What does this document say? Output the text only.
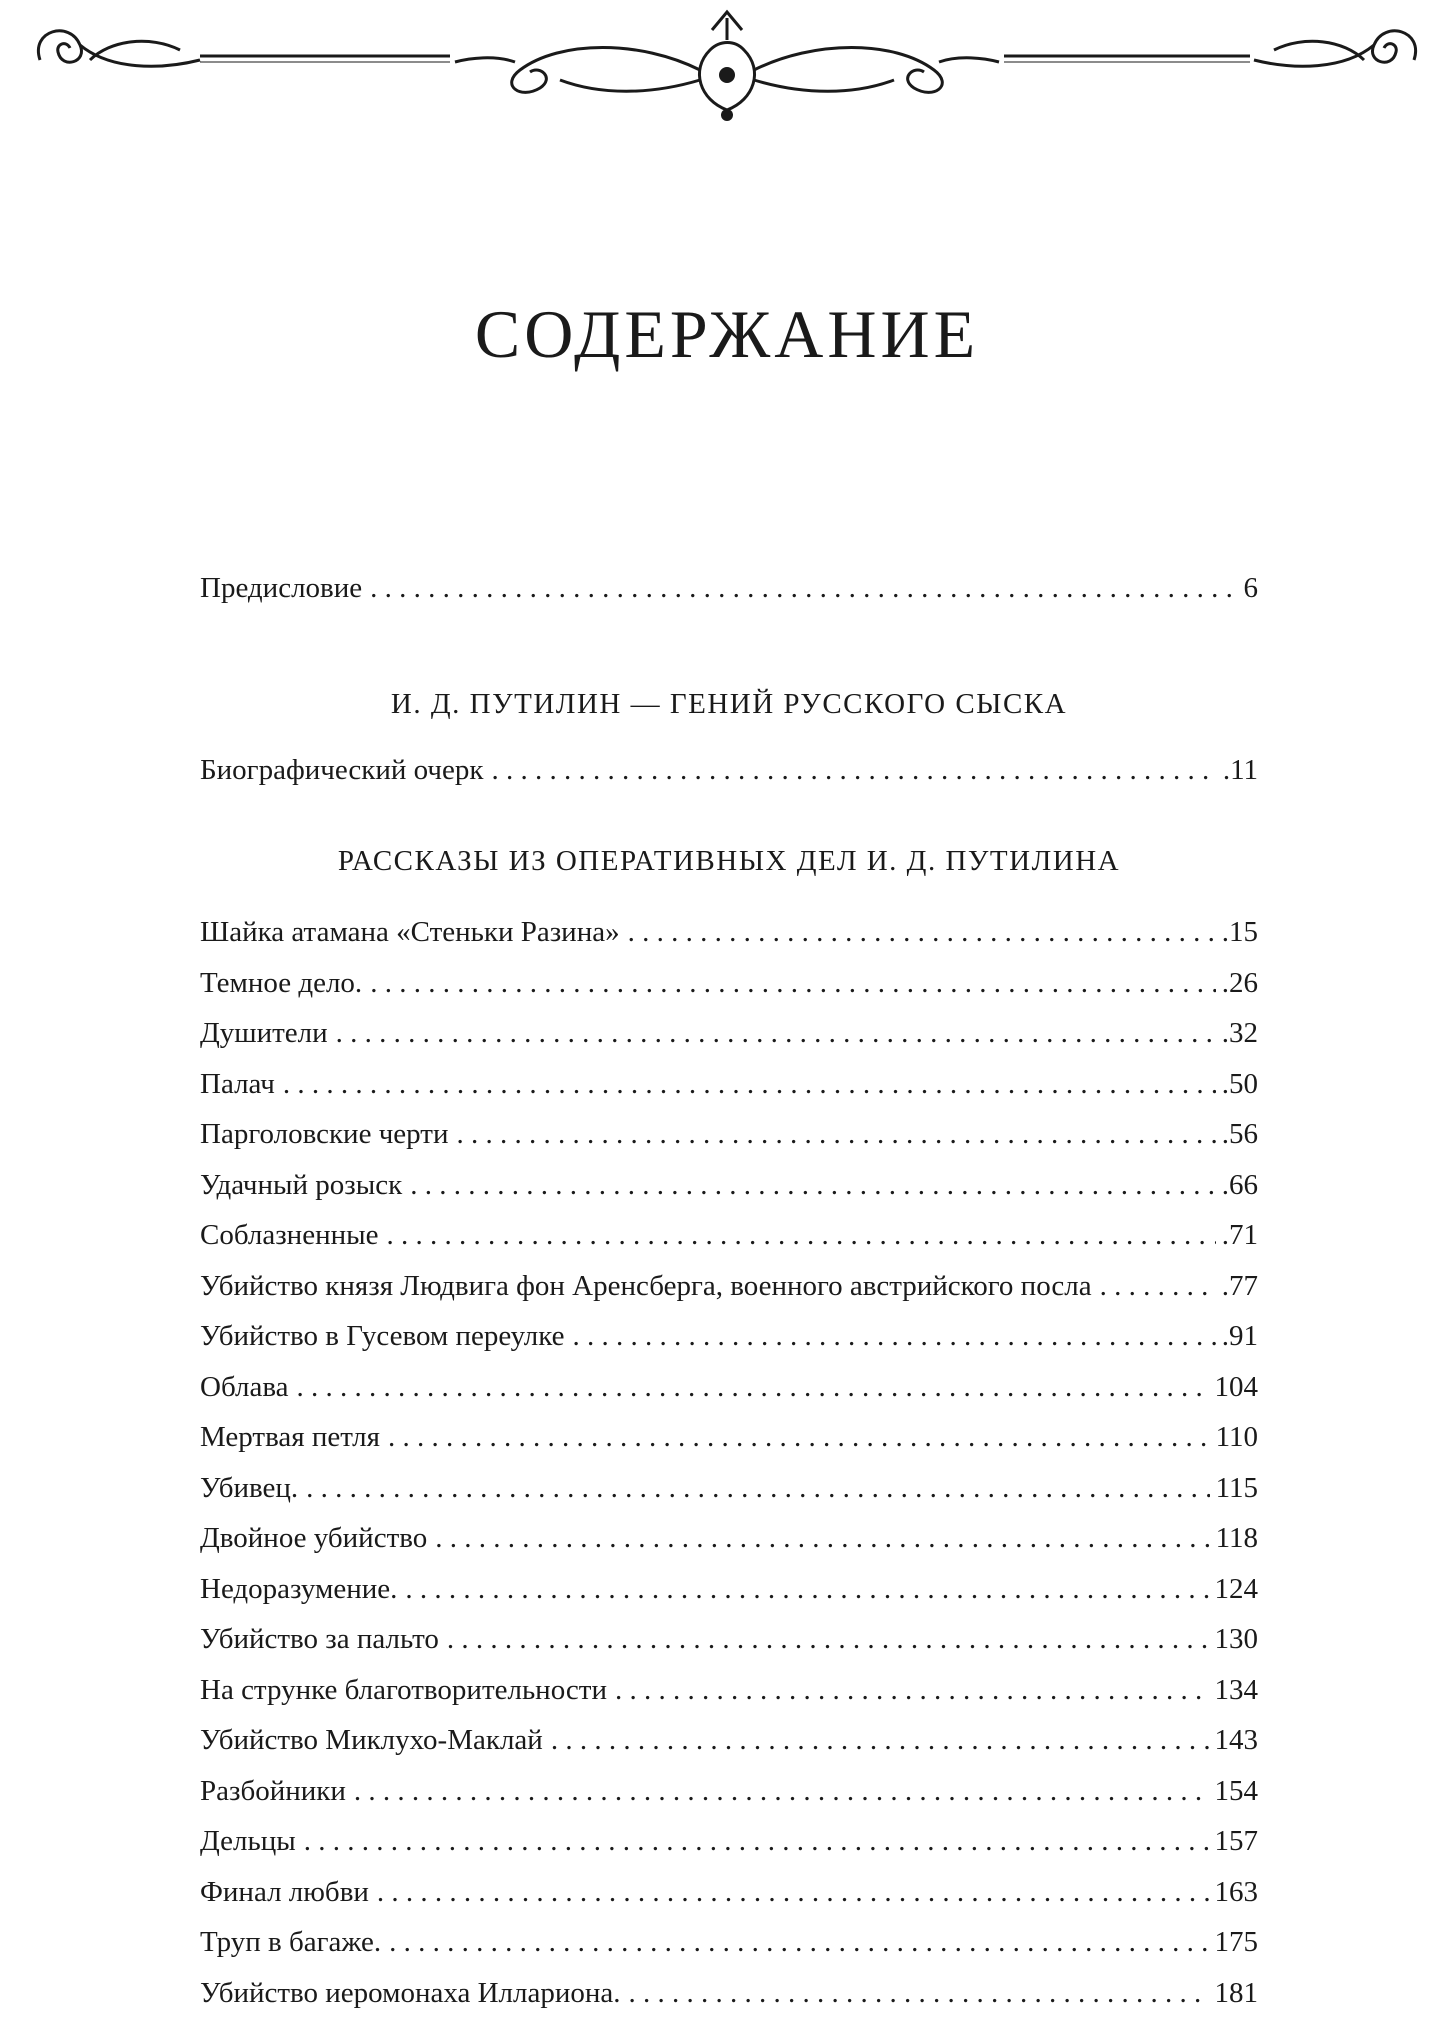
СОДЕРЖАНИЕ
Предисловие . . .	6
И. Д. ПУТИЛИН — ГЕНИЙ РУССКОГО СЫСКА
Биографический очерк . . .	.11
РАССКАЗЫ ИЗ ОПЕРАТИВНЫХ ДЕЛ И. Д. ПУТИЛИНА
Шайка атамана «Стеньки Разина» . . .	.15
Темное дело. . . .	.26
Душители . . .	.32
Палач . . .	.50
Парголовские черти . . .	.56
Удачный розыск . . .	.66
Соблазненные . . .	.71
Убийство князя Людвига фон Аренсберга, военного австрийского посла . . .	.77
Убийство в Гусевом переулке . . .	.91
Облава . . .	104
Мертвая петля . . .	110
Убивец. . . .	115
Двойное убийство . . .	118
Недоразумение. . . .	124
Убийство за пальто . . .	130
На струнке благотворительности . . .	134
Убийство Миклухо-Маклай . . .	143
Разбойники . . .	154
Дельцы . . .	157
Финал любви . . .	163
Труп в багаже. . . .	175
Убийство иеромонаха Иллариона. . . .	181
